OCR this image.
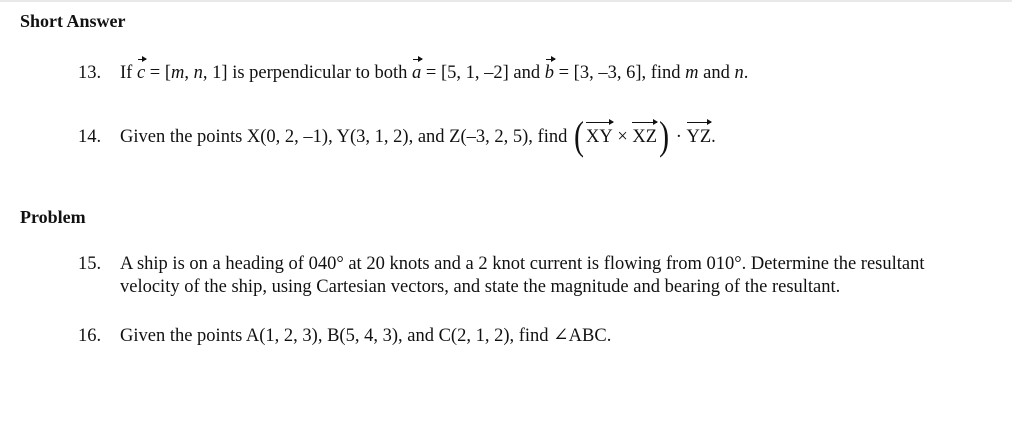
Short Answer
13. If c = [m, n, 1] is perpendicular to both a = [5, 1, –2] and b = [3, –3, 6], find m and n.
14. Given the points X(0, 2, –1), Y(3, 1, 2), and Z(–3, 2, 5), find ( XY × XZ) · YZ.
Problem
15. A ship is on a heading of 040° at 20 knots and a 2 knot current is flowing from 010°. Determine the resultant
velocity of the ship, using Cartesian vectors, and state the magnitude and bearing of the resultant.
16. Given the points A(1, 2, 3), B(5, 4, 3), and C(2, 1, 2), find ∠ABC.
